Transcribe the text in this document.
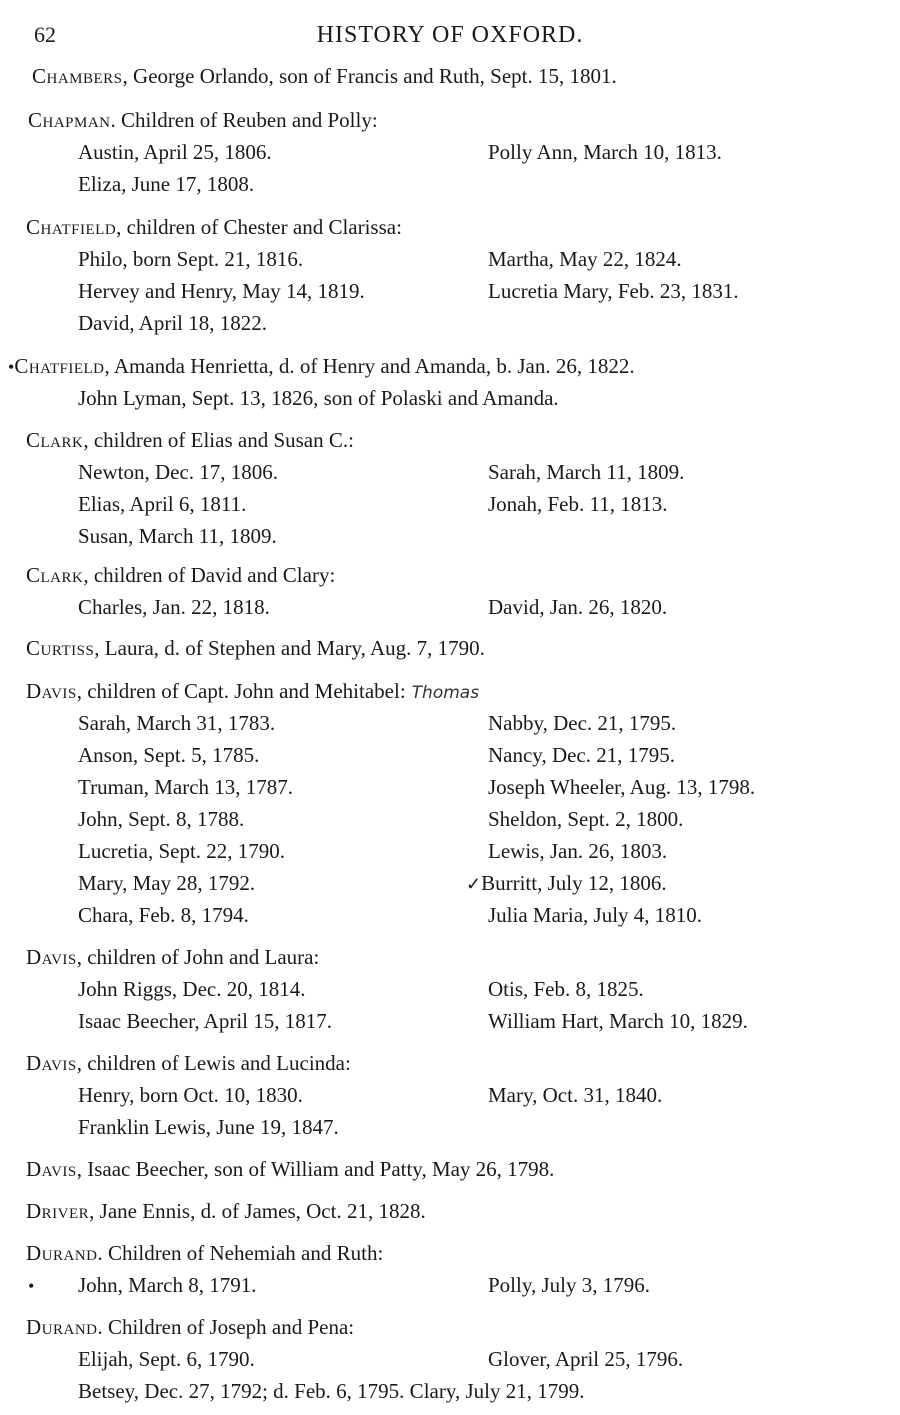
62	HISTORY OF OXFORD.
Chambers, George Orlando, son of Francis and Ruth, Sept. 15, 1801.
Chapman. Children of Reuben and Polly:
Austin, April 25, 1806.	Polly Ann, March 10, 1813.
Eliza, June 17, 1808.
Chatfield, children of Chester and Clarissa:
Philo, born Sept. 21, 1816.	Martha, May 22, 1824.
Hervey and Henry, May 14, 1819.	Lucretia Mary, Feb. 23, 1831.
David, April 18, 1822.
•Chatfield, Amanda Henrietta, d. of Henry and Amanda, b. Jan. 26, 1822.
John Lyman, Sept. 13, 1826, son of Polaski and Amanda.
Clark, children of Elias and Susan C.:
Newton, Dec. 17, 1806.	Sarah, March 11, 1809.
Elias, April 6, 1811.	Jonah, Feb. 11, 1813.
Susan, March 11, 1809.
Clark, children of David and Clary:
Charles, Jan. 22, 1818.	David, Jan. 26, 1820.
Curtiss, Laura, d. of Stephen and Mary, Aug. 7, 1790.
Davis, children of Capt. John and Mehitabel: Thomas
Sarah, March 31, 1783.	Nabby, Dec. 21, 1795.
Anson, Sept. 5, 1785.	Nancy, Dec. 21, 1795.
Truman, March 13, 1787.	Joseph Wheeler, Aug. 13, 1798.
John, Sept. 8, 1788.	Sheldon, Sept. 2, 1800.
Lucretia, Sept. 22, 1790.	Lewis, Jan. 26, 1803.
Mary, May 28, 1792.	✓Burritt, July 12, 1806.
Chara, Feb. 8, 1794.	Julia Maria, July 4, 1810.
Davis, children of John and Laura:
John Riggs, Dec. 20, 1814.	Otis, Feb. 8, 1825.
Isaac Beecher, April 15, 1817.	William Hart, March 10, 1829.
Davis, children of Lewis and Lucinda:
Henry, born Oct. 10, 1830.	Mary, Oct. 31, 1840.
Franklin Lewis, June 19, 1847.
Davis, Isaac Beecher, son of William and Patty, May 26, 1798.
Driver, Jane Ennis, d. of James, Oct. 21, 1828.
Durand. Children of Nehemiah and Ruth:
• John, March 8, 1791.	Polly, July 3, 1796.
Durand. Children of Joseph and Pena:
Elijah, Sept. 6, 1790.	Glover, April 25, 1796.
Betsey, Dec. 27, 1792; d. Feb. 6, 1795. Clary, July 21, 1799.
